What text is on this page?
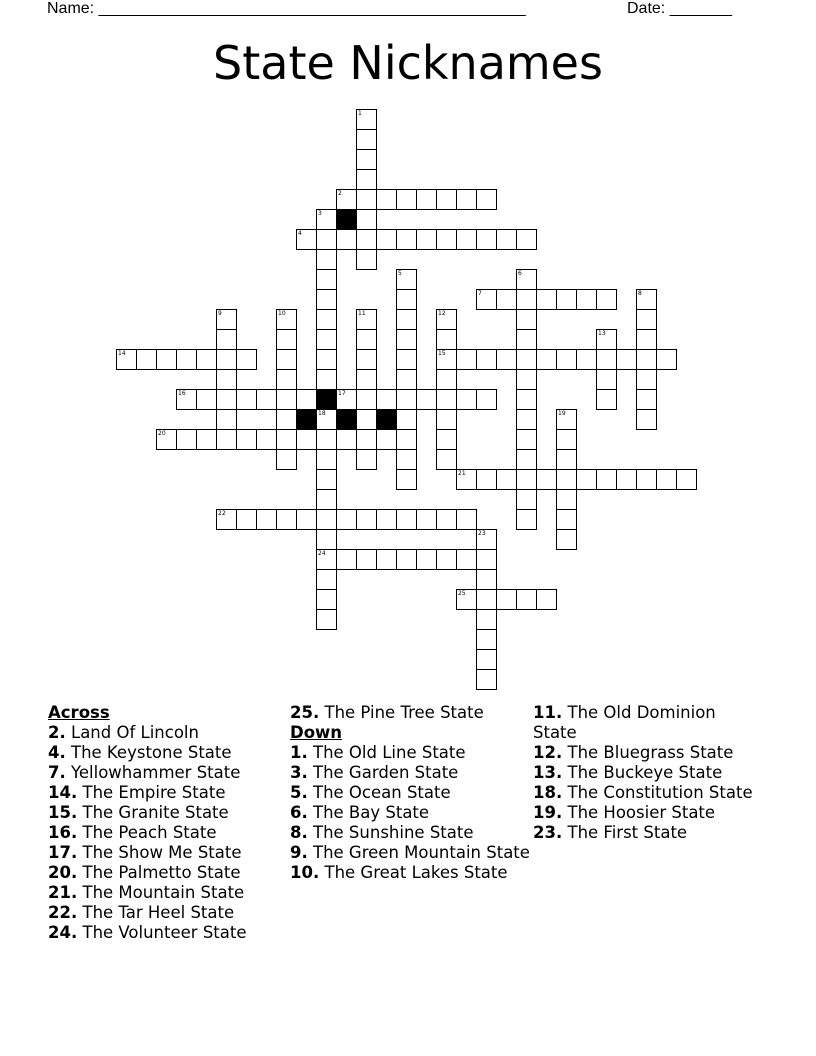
Name: ________________________________________________	Date: _______
State Nicknames
1
2
3
4
5	6
7	8
9	10	11	12
15
13
14
16	17
18
24
19
20
21
22
23
25
Across
2. Land Of Lincoln
4. The Keystone State
7. Yellowhammer State
14. The Empire State
15. The Granite State
16. The Peach State
17. The Show Me State
20. The Palmetto State
21. The Mountain State
22. The Tar Heel State
24. The Volunteer State
25. The Pine Tree State
Down
1. The Old Line State
3. The Garden State
5. The Ocean State
6. The Bay State
8. The Sunshine State
9. The Green Mountain State
10. The Great Lakes State
11. The Old Dominion State
12. The Bluegrass State
13. The Buckeye State
18. The Constitution State
19. The Hoosier State
23. The First State
